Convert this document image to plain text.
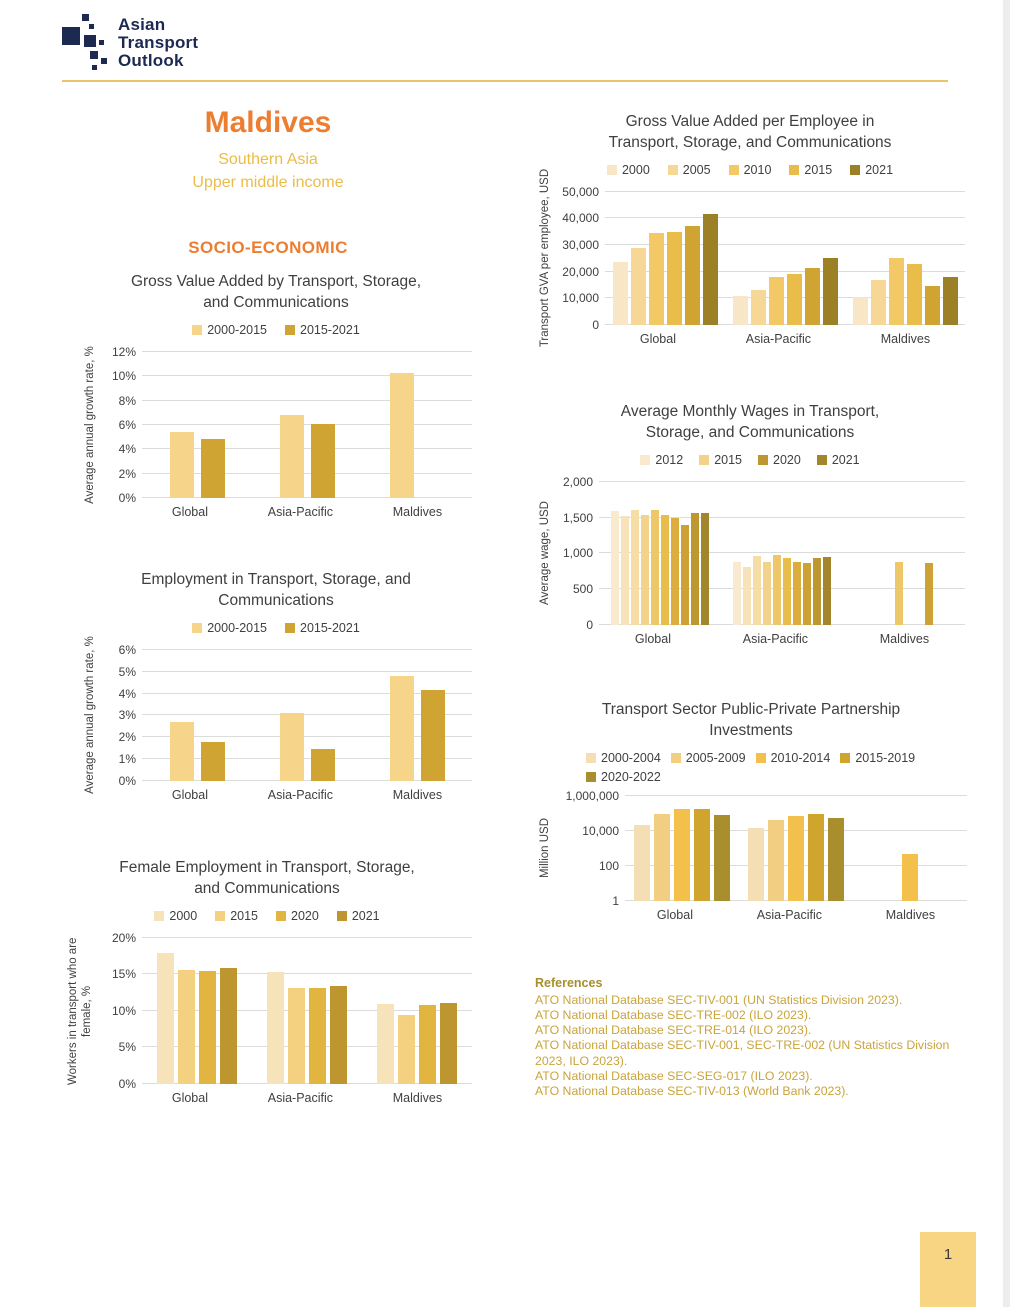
Asian
Transport
Outlook
Maldives
Southern Asia
Upper middle income
SOCIO-ECONOMIC
Gross Value Added by Transport, Storage,
and Communications
2000-2015	2015-2021
Average annual growth rate, % 0%
2%
4%
6%
8%
10%
12%
Global	Asia-Pacific	Maldives
Employment in Transport, Storage, and
Communications
2000-2015	2015-2021
Average annual growth rate, % 0%
1%
2%
3%
4%
5%
6%
Global	Asia-Pacific	Maldives
Female Employment in Transport, Storage,
and Communications
2000	2015	2020	2021
Workers in transport who are female, %
0%
5%
10%
15%
20%
Global	Asia-Pacific	Maldives
Gross Value Added per Employee in
Transport, Storage, and Communications
2000	2005	2010	2015	2021
Transport GVA per employee, USD	0
10,000
20,000
30,000
40,000
50,000
Global	Asia-Pacific	Maldives
Average Monthly Wages in Transport,
Storage, and Communications
2012 2015 2020 2021
Average wage, USD
0
500
1,000
1,500
2,000
Global	Asia-Pacific	Maldives
Transport Sector Public-Private Partnership
Investments
2000-2004 2005-2009 2010-2014 2015-2019
2020-2022
Million USD
1
100
10,000
1,000,000
Global	Asia-Pacific	Maldives
References
ATO National Database SEC-TIV-001 (UN Statistics Division 2023).
ATO National Database SEC-TRE-002 (ILO 2023).
ATO National Database SEC-TRE-014 (ILO 2023).
ATO National Database SEC-TIV-001, SEC-TRE-002 (UN Statistics Division 2023, ILO 2023).
ATO National Database SEC-SEG-017 (ILO 2023).
ATO National Database SEC-TIV-013 (World Bank 2023).
1
